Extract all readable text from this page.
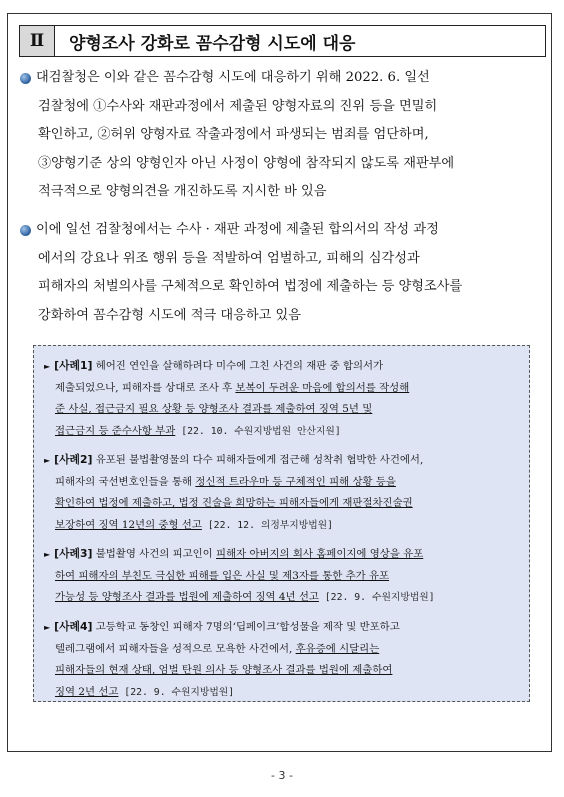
Ⅱ	양형조사 강화로 꼼수감형 시도에 대응
대검찰청은 이와 같은 꼼수감형 시도에 대응하기 위해 2022. 6. 일선
검찰청에 ①수사와 재판과정에서 제출된 양형자료의 진위 등을 면밀히
확인하고, ②허위 양형자료 작출과정에서 파생되는 범죄를 엄단하며,
③양형기준 상의 양형인자 아닌 사정이 양형에 참작되지 않도록 재판부에
적극적으로 양형의견을 개진하도록 지시한 바 있음
이에 일선 검찰청에서는 수사 · 재판 과정에 제출된 합의서의 작성 과정
에서의 강요나 위조 행위 등을 적발하여 엄벌하고, 피해의 심각성과
피해자의 처벌의사를 구체적으로 확인하여 법정에 제출하는 등 양형조사를
강화하여 꼼수감형 시도에 적극 대응하고 있음
► [사례1] 헤어진 연인을 살해하려다 미수에 그친 사건의 재판 중 합의서가
제출되었으나, 피해자를 상대로 조사 후 보복이 두려운 마음에 합의서를 작성해
준 사실, 접근금지 필요 상황 등 양형조사 결과를 제출하여 징역 5년 및
접근금지 등 준수사항 부과 [22. 10. 수원지방법원 안산지원]
► [사례2] 유포된 불법촬영물의 다수 피해자들에게 접근해 성착취 협박한 사건에서,
피해자의 국선변호인들을 통해 정신적 트라우마 등 구체적인 피해 상황 등을
확인하여 법정에 제출하고, 법정 진술을 희망하는 피해자들에게 재판절차진술권
보장하여 징역 12년의 중형 선고 [22. 12. 의정부지방법원]
► [사례3] 불법촬영 사건의 피고인이 피해자 아버지의 회사 홈페이지에 영상을 유포
하여 피해자의 부친도 극심한 피해를 입은 사실 및 제3자를 통한 추가 유포
가능성 등 양형조사 결과를 법원에 제출하여 징역 4년 선고 [22. 9. 수원지방법원]
► [사례4] 고등학교 동창인 피해자 7명의‘딥페이크’합성물을 제작 및 반포하고
텔레그램에서 피해자들을 성적으로 모욕한 사건에서, 후유증에 시달리는
피해자들의 현재 상태, 엄벌 탄원 의사 등 양형조사 결과를 법원에 제출하여
징역 2년 선고 [22. 9. 수원지방법원]
- 3 -
